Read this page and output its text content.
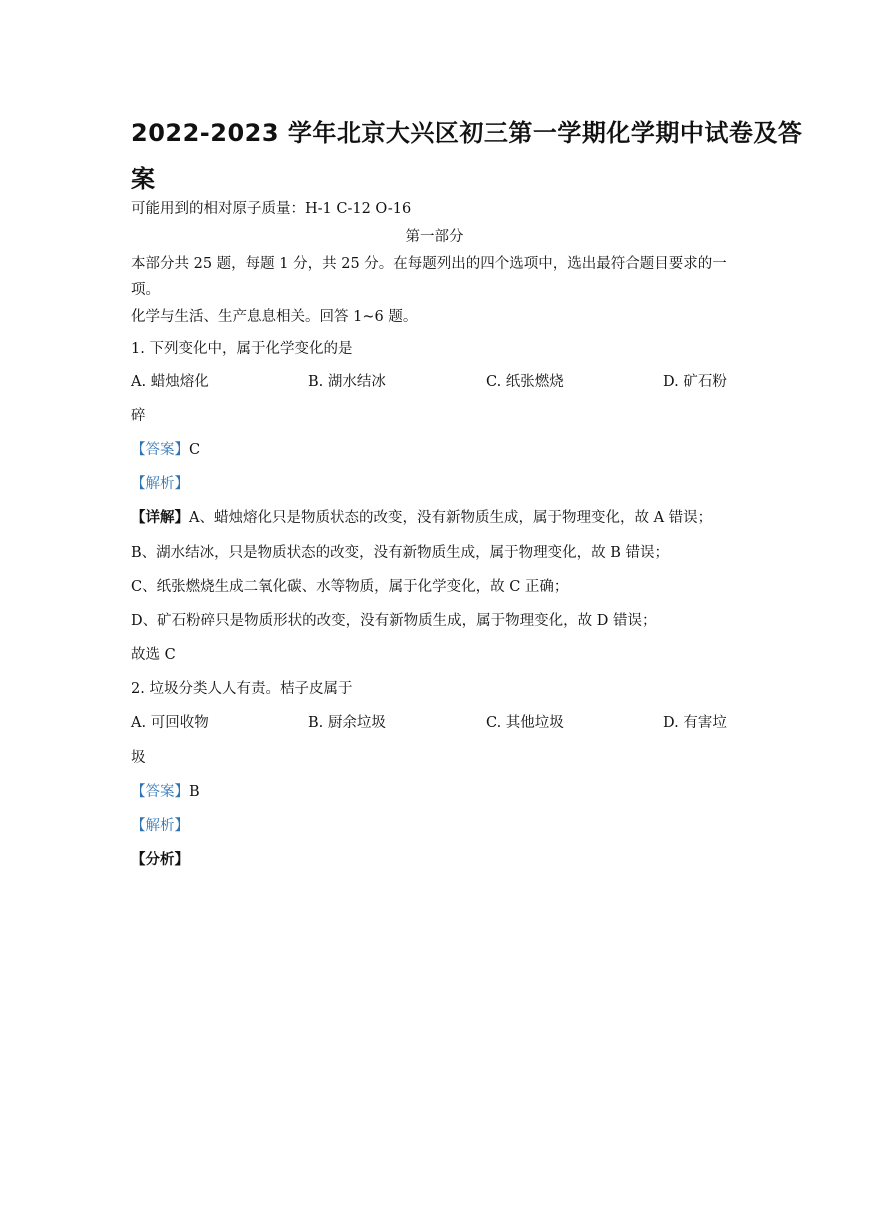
2022-2023 学年北京大兴区初三第一学期化学期中试卷及答
案
可能用到的相对原子质量：H-1 C-12 O-16
第一部分
本部分共 25 题，每题 1 分，共 25 分。在每题列出的四个选项中，选出最符合题目要求的一
项。
化学与生活、生产息息相关。回答 1~6 题。
1. 下列变化中，属于化学变化的是
A. 蜡烛熔化	B. 湖水结冰	C. 纸张燃烧	D. 矿石粉
碎
【答案】C
【解析】
【详解】A、蜡烛熔化只是物质状态的改变，没有新物质生成，属于物理变化，故 A 错误；
B、湖水结冰，只是物质状态的改变，没有新物质生成，属于物理变化，故 B 错误；
C、纸张燃烧生成二氧化碳、水等物质，属于化学变化，故 C 正确；
D、矿石粉碎只是物质形状的改变，没有新物质生成，属于物理变化，故 D 错误；
故选 C
2. 垃圾分类人人有责。桔子皮属于
A. 可回收物	B. 厨余垃圾	C. 其他垃圾	D. 有害垃
圾
【答案】B
【解析】
【分析】
